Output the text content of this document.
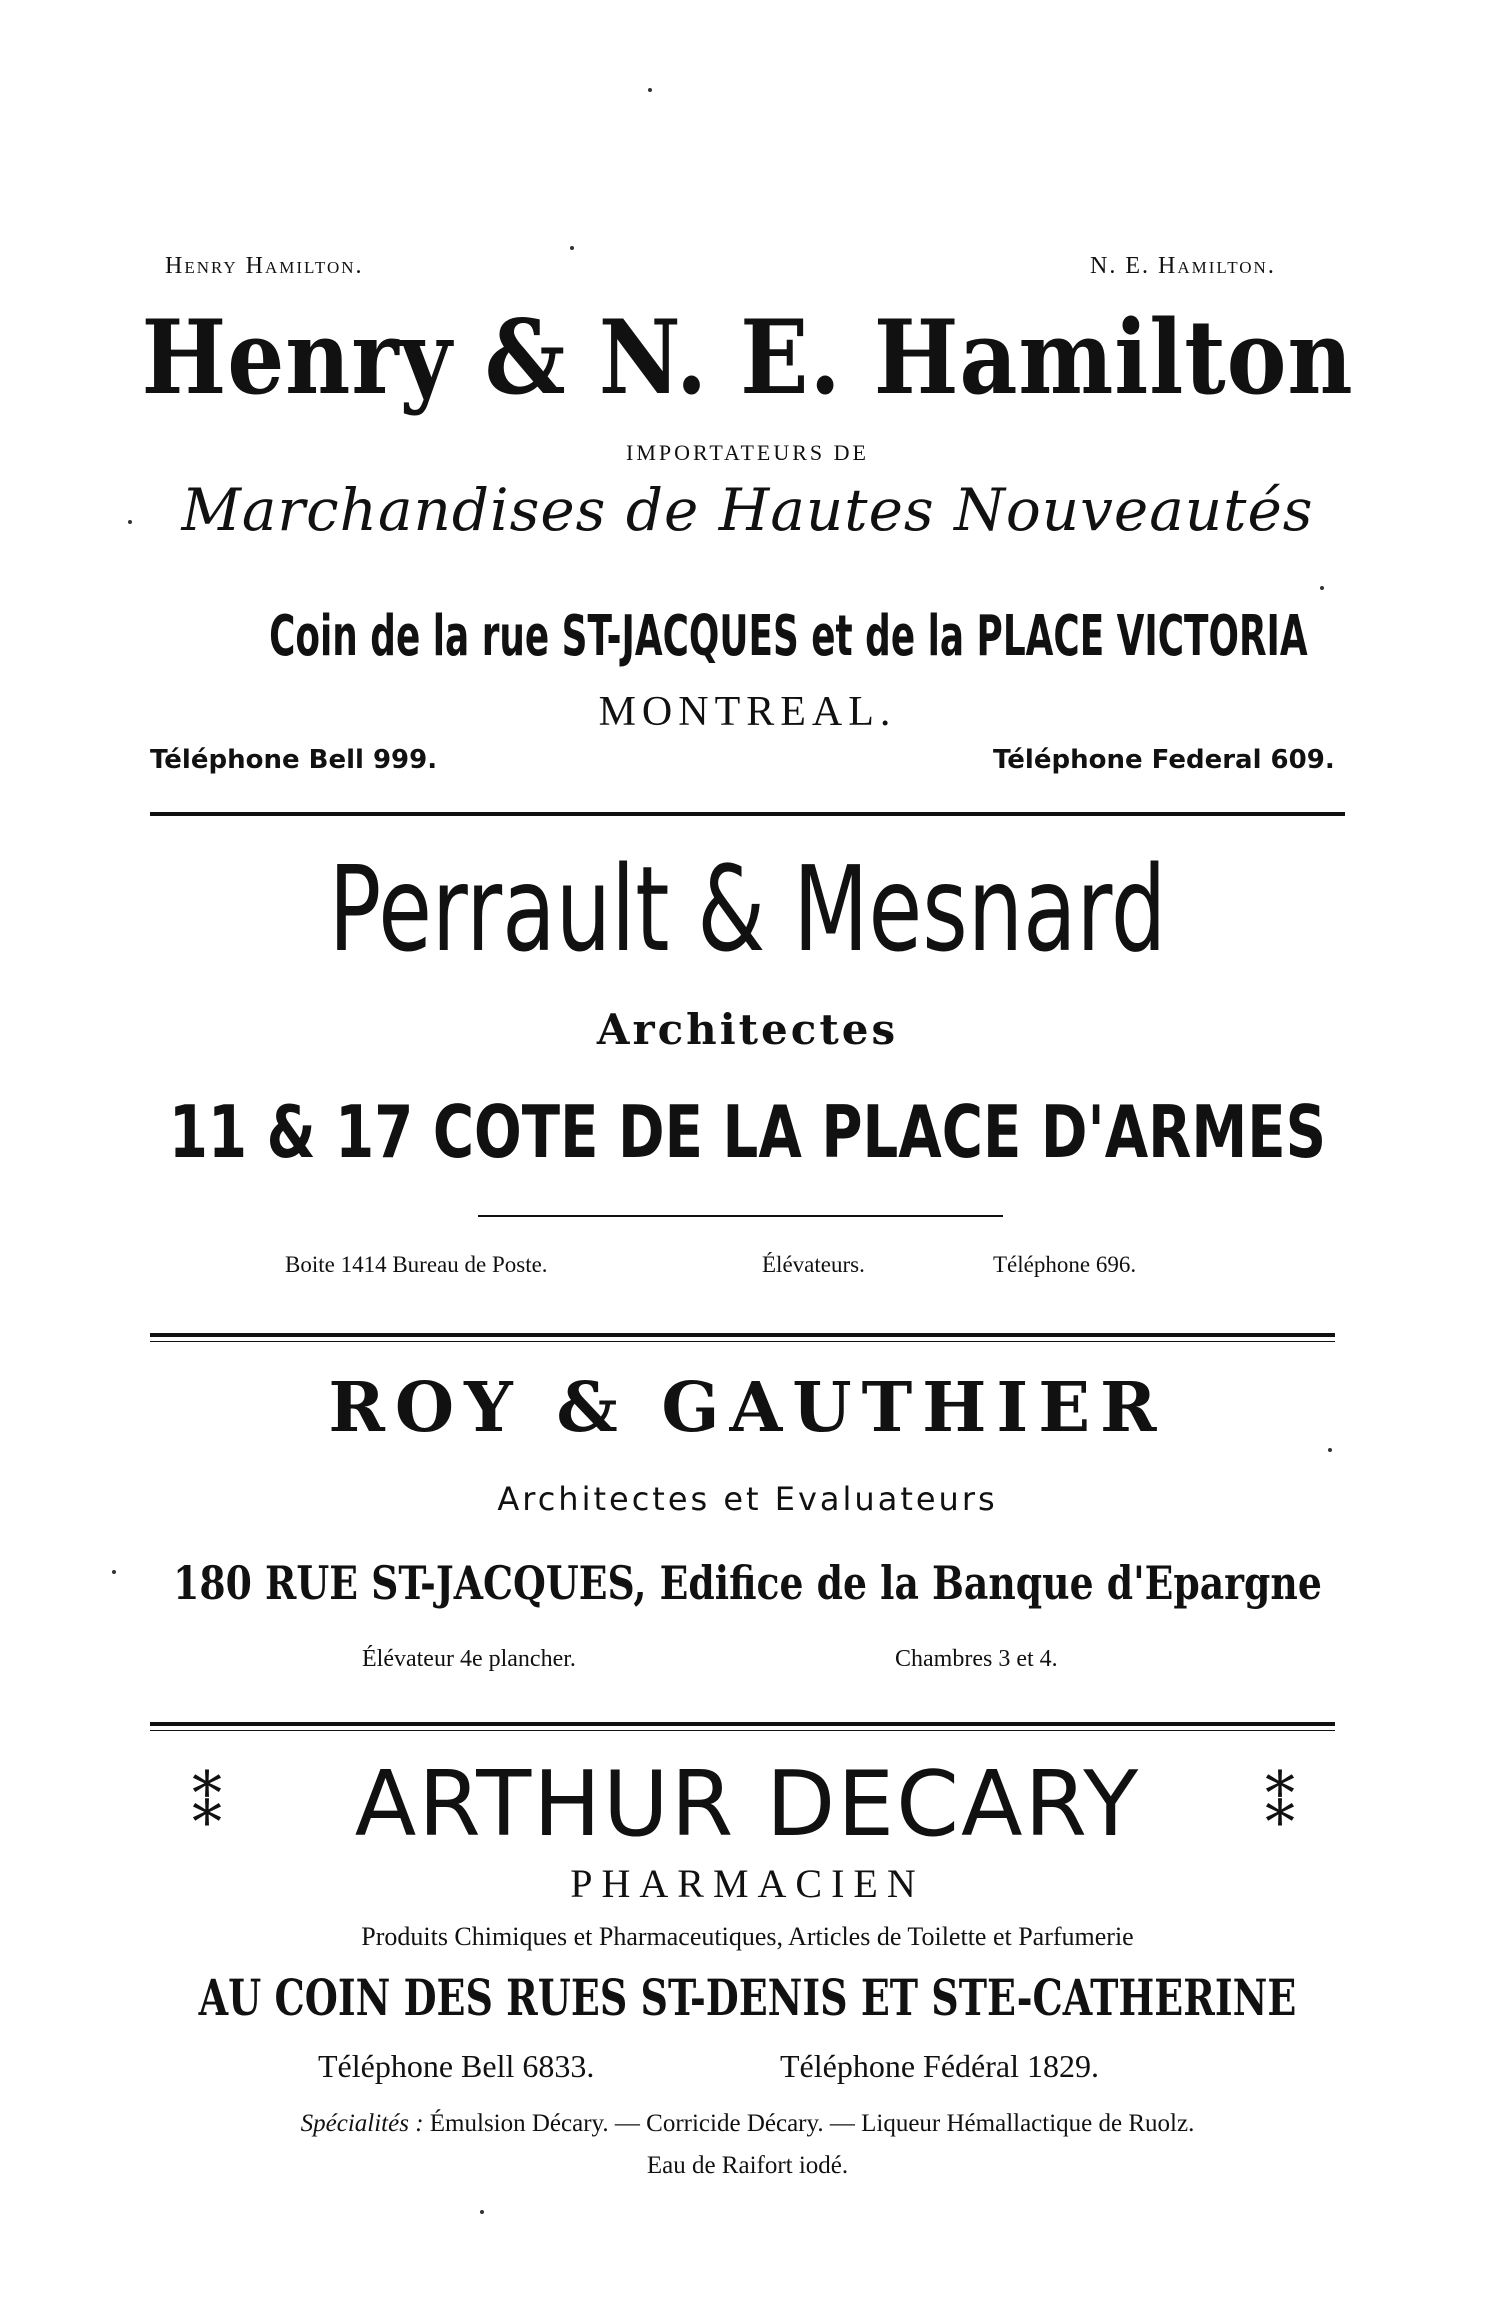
Henry Hamilton.	N. E. Hamilton.
Henry & N. E. Hamilton
IMPORTATEURS DE
Marchandises de Hautes Nouveautés
Coin de la rue ST-JACQUES et de la PLACE VICTORIA
MONTREAL.
Téléphone Bell 999.	Téléphone Federal 609.
Perrault & Mesnard
Architectes
11 & 17 COTE DE LA PLACE D'ARMES
Boite 1414 Bureau de Poste.	Élévateurs.	Téléphone 696.
ROY & GAUTHIER
Architectes et Evaluateurs
180 RUE ST-JACQUES, Edifice de la Banque d'Epargne
Élévateur 4e plancher.	Chambres 3 et 4.
⁑	⁑
ARTHUR DECARY
PHARMACIEN
Produits Chimiques et Pharmaceutiques, Articles de Toilette et Parfumerie
AU COIN DES RUES ST-DENIS ET STE-CATHERINE
Téléphone Bell 6833.	Téléphone Fédéral 1829.
Spécialités : Émulsion Décary. — Corricide Décary. — Liqueur Hémallactique de Ruolz.
Eau de Raifort iodé.
